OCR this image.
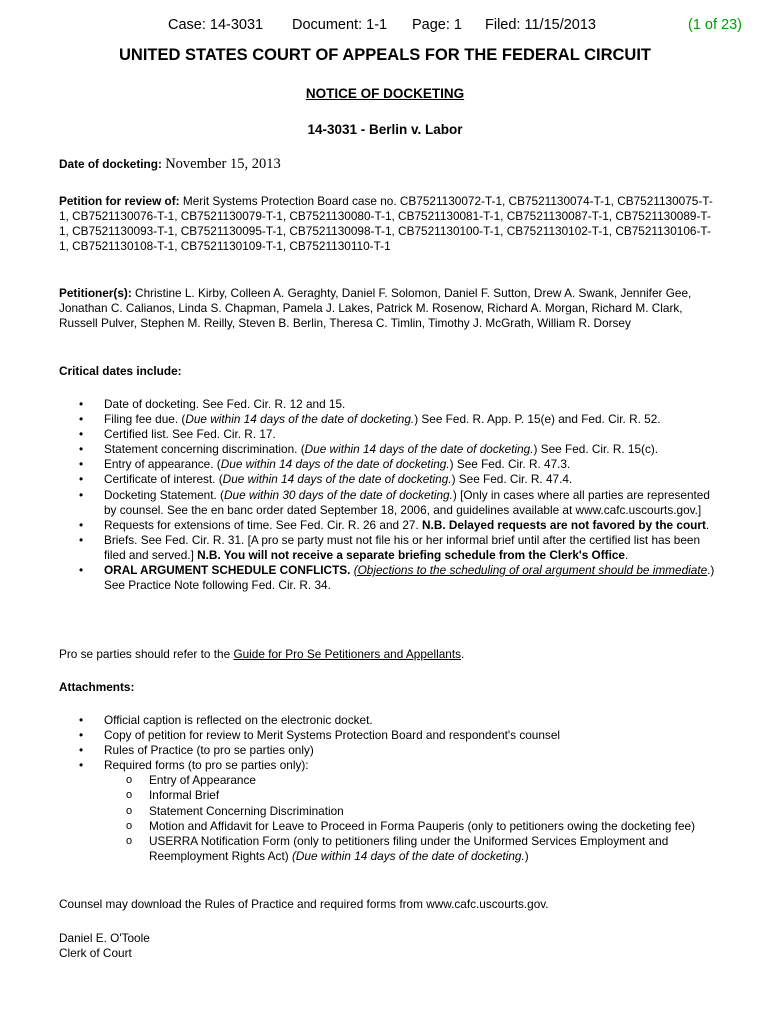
Case: 14-3031 Document: 1-1 Page: 1 Filed: 11/15/2013	(1 of 23)
UNITED STATES COURT OF APPEALS FOR THE FEDERAL CIRCUIT
NOTICE OF DOCKETING
14-3031 - Berlin v. Labor
Date of docketing: November 15, 2013
Petition for review of: Merit Systems Protection Board case no. CB7521130072-T-1, CB7521130074-T-1, CB7521130075-T-1, CB7521130076-T-1, CB7521130079-T-1, CB7521130080-T-1, CB7521130081-T-1, CB7521130087-T-1, CB7521130089-T-1, CB7521130093-T-1, CB7521130095-T-1, CB7521130098-T-1, CB7521130100-T-1, CB7521130102-T-1, CB7521130106-T-1, CB7521130108-T-1, CB7521130109-T-1, CB7521130110-T-1
Petitioner(s): Christine L. Kirby, Colleen A. Geraghty, Daniel F. Solomon, Daniel F. Sutton, Drew A. Swank, Jennifer Gee, Jonathan C. Calianos, Linda S. Chapman, Pamela J. Lakes, Patrick M. Rosenow, Richard A. Morgan, Richard M. Clark, Russell Pulver, Stephen M. Reilly, Steven B. Berlin, Theresa C. Timlin, Timothy J. McGrath, William R. Dorsey
Critical dates include:
• Date of docketing. See Fed. Cir. R. 12 and 15.
• Filing fee due. (Due within 14 days of the date of docketing.) See Fed. R. App. P. 15(e) and Fed. Cir. R. 52.
• Certified list. See Fed. Cir. R. 17.
• Statement concerning discrimination. (Due within 14 days of the date of docketing.) See Fed. Cir. R. 15(c).
• Entry of appearance. (Due within 14 days of the date of docketing.) See Fed. Cir. R. 47.3.
• Certificate of interest. (Due within 14 days of the date of docketing.) See Fed. Cir. R. 47.4.
• Docketing Statement. (Due within 30 days of the date of docketing.) [Only in cases where all parties are represented by counsel. See the en banc order dated September 18, 2006, and guidelines available at www.cafc.uscourts.gov.]
• Requests for extensions of time. See Fed. Cir. R. 26 and 27. N.B. Delayed requests are not favored by the court.
• Briefs. See Fed. Cir. R. 31. [A pro se party must not file his or her informal brief until after the certified list has been filed and served.] N.B. You will not receive a separate briefing schedule from the Clerk's Office.
• ORAL ARGUMENT SCHEDULE CONFLICTS. (Objections to the scheduling of oral argument should be immediate.) See Practice Note following Fed. Cir. R. 34.
Pro se parties should refer to the Guide for Pro Se Petitioners and Appellants.
Attachments:
• Official caption is reflected on the electronic docket.
• Copy of petition for review to Merit Systems Protection Board and respondent's counsel
• Rules of Practice (to pro se parties only)
• Required forms (to pro se parties only):
o Entry of Appearance
o Informal Brief
o Statement Concerning Discrimination
o Motion and Affidavit for Leave to Proceed in Forma Pauperis (only to petitioners owing the docketing fee)
o USERRA Notification Form (only to petitioners filing under the Uniformed Services Employment and Reemployment Rights Act) (Due within 14 days of the date of docketing.)
Counsel may download the Rules of Practice and required forms from www.cafc.uscourts.gov.
Daniel E. O'Toole
Clerk of Court
